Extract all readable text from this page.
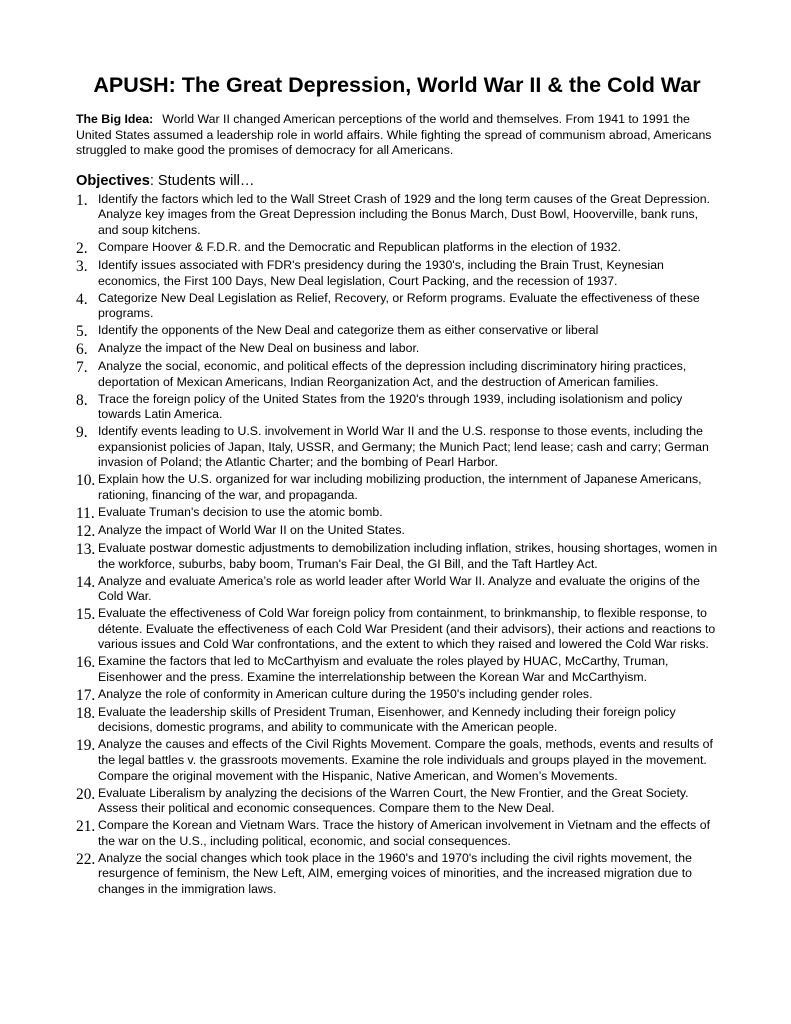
APUSH: The Great Depression, World War II & the Cold War
The Big Idea: World War II changed American perceptions of the world and themselves. From 1941 to 1991 the United States assumed a leadership role in world affairs. While fighting the spread of communism abroad, Americans struggled to make good the promises of democracy for all Americans.
Objectives: Students will…
1. Identify the factors which led to the Wall Street Crash of 1929 and the long term causes of the Great Depression. Analyze key images from the Great Depression including the Bonus March, Dust Bowl, Hooverville, bank runs, and soup kitchens.
2. Compare Hoover & F.D.R. and the Democratic and Republican platforms in the election of 1932.
3. Identify issues associated with FDR's presidency during the 1930's, including the Brain Trust, Keynesian economics, the First 100 Days, New Deal legislation, Court Packing, and the recession of 1937.
4. Categorize New Deal Legislation as Relief, Recovery, or Reform programs. Evaluate the effectiveness of these programs.
5. Identify the opponents of the New Deal and categorize them as either conservative or liberal
6. Analyze the impact of the New Deal on business and labor.
7. Analyze the social, economic, and political effects of the depression including discriminatory hiring practices, deportation of Mexican Americans, Indian Reorganization Act, and the destruction of American families.
8. Trace the foreign policy of the United States from the 1920's through 1939, including isolationism and policy towards Latin America.
9. Identify events leading to U.S. involvement in World War II and the U.S. response to those events, including the expansionist policies of Japan, Italy, USSR, and Germany; the Munich Pact; lend lease; cash and carry; German invasion of Poland; the Atlantic Charter; and the bombing of Pearl Harbor.
10. Explain how the U.S. organized for war including mobilizing production, the internment of Japanese Americans, rationing, financing of the war, and propaganda.
11. Evaluate Truman's decision to use the atomic bomb.
12. Analyze the impact of World War II on the United States.
13. Evaluate postwar domestic adjustments to demobilization including inflation, strikes, housing shortages, women in the workforce, suburbs, baby boom, Truman's Fair Deal, the GI Bill, and the Taft Hartley Act.
14. Analyze and evaluate America’s role as world leader after World War II. Analyze and evaluate the origins of the Cold War.
15. Evaluate the effectiveness of Cold War foreign policy from containment, to brinkmanship, to flexible response, to détente. Evaluate the effectiveness of each Cold War President (and their advisors), their actions and reactions to various issues and Cold War confrontations, and the extent to which they raised and lowered the Cold War risks.
16. Examine the factors that led to McCarthyism and evaluate the roles played by HUAC, McCarthy, Truman, Eisenhower and the press. Examine the interrelationship between the Korean War and McCarthyism.
17. Analyze the role of conformity in American culture during the 1950's including gender roles.
18. Evaluate the leadership skills of President Truman, Eisenhower, and Kennedy including their foreign policy decisions, domestic programs, and ability to communicate with the American people.
19. Analyze the causes and effects of the Civil Rights Movement. Compare the goals, methods, events and results of the legal battles v. the grassroots movements. Examine the role individuals and groups played in the movement. Compare the original movement with the Hispanic, Native American, and Women’s Movements.
20. Evaluate Liberalism by analyzing the decisions of the Warren Court, the New Frontier, and the Great Society. Assess their political and economic consequences. Compare them to the New Deal.
21. Compare the Korean and Vietnam Wars. Trace the history of American involvement in Vietnam and the effects of the war on the U.S., including political, economic, and social consequences.
22. Analyze the social changes which took place in the 1960's and 1970's including the civil rights movement, the resurgence of feminism, the New Left, AIM, emerging voices of minorities, and the increased migration due to changes in the immigration laws.
